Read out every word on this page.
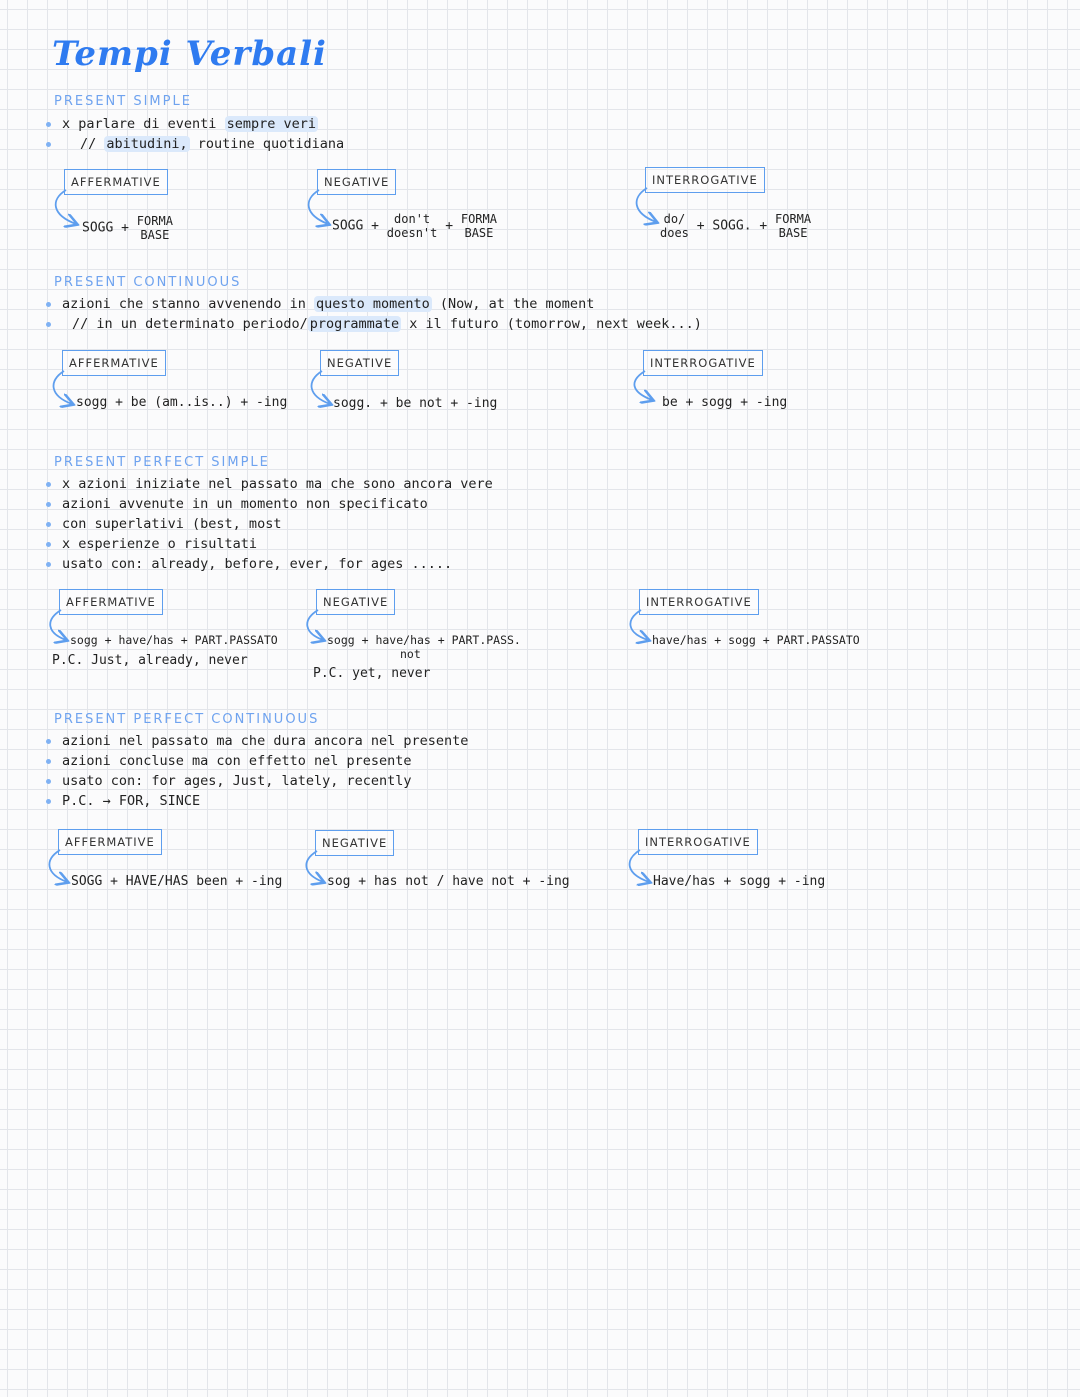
Tempi Verbali
PRESENT SIMPLE
x parlare di eventi sempre veri
// abitudini, routine quotidiana
AFFERMATIVE
SOGG + FORMA
BASE
NEGATIVE
SOGG + don't
doesn't + FORMA
BASE
INTERROGATIVE
do/
does + SOGG. + FORMA
BASE
PRESENT CONTINUOUS
azioni che stanno avvenendo in questo momento (Now, at the moment
// in un determinato periodo/ programmate x il futuro (tomorrow, next week...)
AFFERMATIVE
sogg + be (am..is..) + -ing
NEGATIVE
sogg. + be not + -ing
INTERROGATIVE
be + sogg + -ing
PRESENT PERFECT SIMPLE
x azioni iniziate nel passato ma che sono ancora vere
azioni avvenute in un momento non specificato
con superlativi (best, most
x esperienze o risultati
usato con: already, before, ever, for ages .....
AFFERMATIVE
sogg + have/has + PART.PASSATO
P.C. Just, already, never
NEGATIVE
sogg + have/has + PART.PASS.
not
P.C. yet, never
INTERROGATIVE
have/has + sogg + PART.PASSATO
PRESENT PERFECT CONTINUOUS
azioni nel passato ma che dura ancora nel presente
azioni concluse ma con effetto nel presente
usato con: for ages, Just, lately, recently
P.C. → FOR, SINCE
AFFERMATIVE
SOGG + HAVE/HAS been + -ing
NEGATIVE
sog + has not / have not + -ing
INTERROGATIVE
Have/has + sogg + -ing
